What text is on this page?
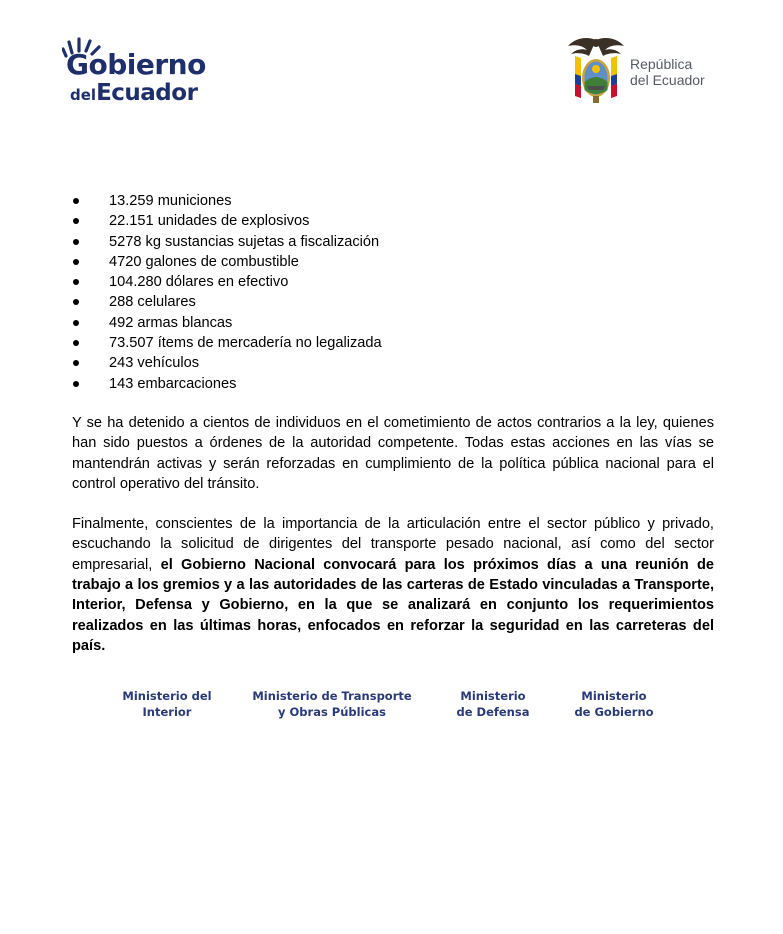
Gobierno
delEcuador
República
del Ecuador
13.259 municiones
22.151 unidades de explosivos
5278 kg sustancias sujetas a fiscalización
4720 galones de combustible
104.280 dólares en efectivo
288 celulares
492 armas blancas
73.507 ítems de mercadería no legalizada
243 vehículos
143 embarcaciones

Y se ha detenido a cientos de individuos en el cometimiento de actos contrarios a la ley, quienes han sido puestos a órdenes de la autoridad competente. Todas estas acciones en las vías se mantendrán activas y serán reforzadas en cumplimiento de la política pública nacional para el control operativo del tránsito.

Finalmente, conscientes de la importancia de la articulación entre el sector público y privado, escuchando la solicitud de dirigentes del transporte pesado nacional, así como del sector empresarial, el Gobierno Nacional convocará para los próximos días a una reunión de trabajo a los gremios y a las autoridades de las carteras de Estado vinculadas a Transporte, Interior, Defensa y Gobierno, en la que se analizará en conjunto los requerimientos realizados en las últimas horas, enfocados en reforzar la seguridad en las carreteras del país.

Ministerio del
Interior
Ministerio de Transporte
y Obras Públicas
Ministerio
de Defensa
Ministerio
de Gobierno
